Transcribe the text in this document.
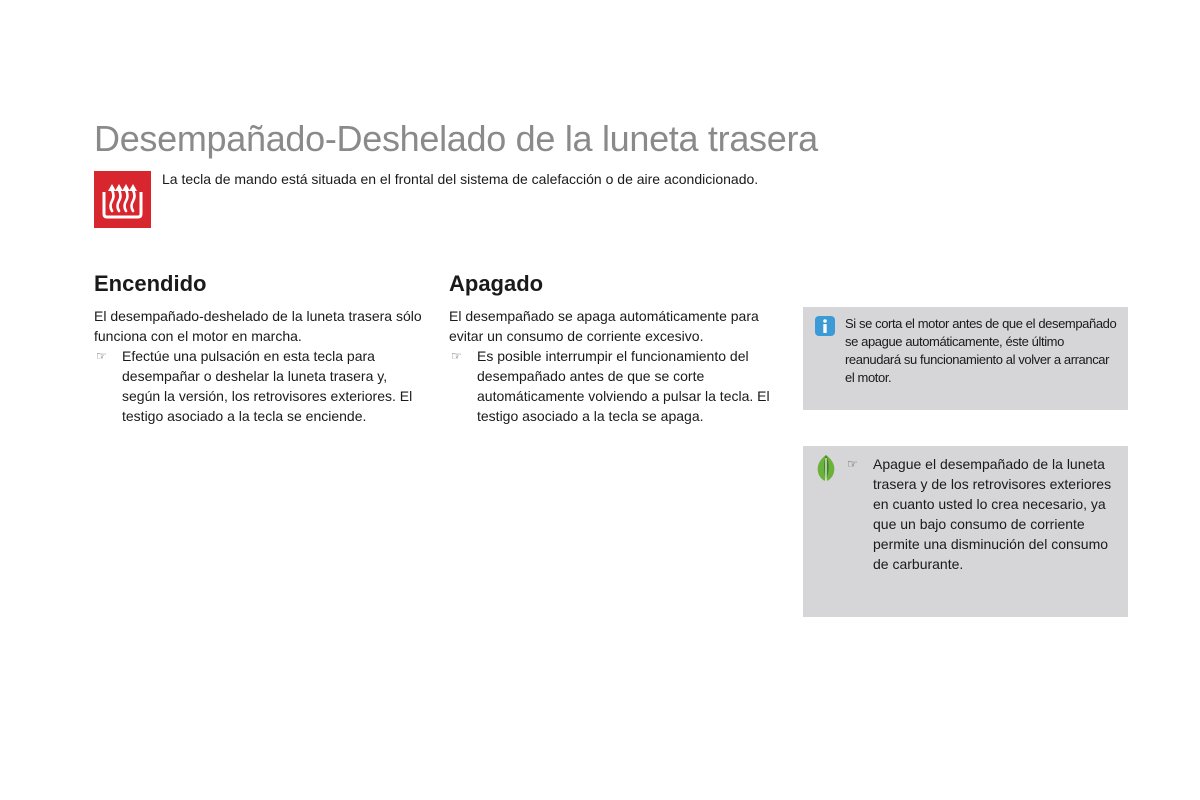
Desempañado-Deshelado de la luneta trasera

La tecla de mando está situada en el frontal del sistema de calefacción o de aire acondicionado.

Encendido

El desempañado-deshelado de la luneta trasera sólo funciona con el motor en marcha.

☞	Efectúe una pulsación en esta tecla para desempañar o deshelar la luneta trasera y, según la versión, los retrovisores exteriores. El testigo asociado a la tecla se enciende.

Apagado

El desempañado se apaga automáticamente para evitar un consumo de corriente excesivo.

☞	Es posible interrumpir el funcionamiento del desempañado antes de que se corte automáticamente volviendo a pulsar la tecla. El testigo asociado a la tecla se apaga.

Si se corta el motor antes de que el desempañado se apague automáticamente, éste último reanudará su funcionamiento al volver a arrancar el motor.

☞	Apague el desempañado de la luneta trasera y de los retrovisores exteriores en cuanto usted lo crea necesario, ya que un bajo consumo de corriente permite una disminución del consumo de carburante.
